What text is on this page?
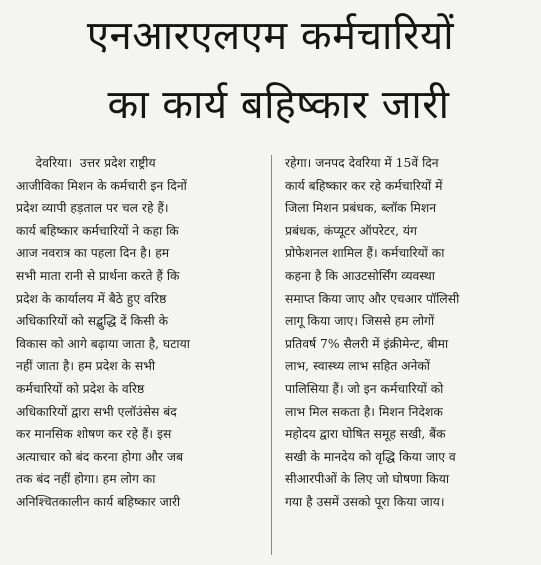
एनआरएलएम कर्मचारियों
का कार्य बहिष्कार जारी
देवरिया।  उत्तर प्रदेश राष्ट्रीय
आजीविका मिशन के कर्मचारी इन दिनों
प्रदेश व्यापी हड़ताल पर चल रहे हैं।
कार्य बहिष्कार कर्मचारियों ने कहा कि
आज नवरात्र का पहला दिन है। हम
सभी माता रानी से प्रार्थना करते हैं कि
प्रदेश के कार्यालय में बैठे हुए वरिष्ठ
अधिकारियों को सद्बुद्धि दें किसी के
विकास को आगे बढ़ाया जाता है, घटाया
नहीं जाता है। हम प्रदेश के सभी
कर्मचारियों को प्रदेश के वरिष्ठ
अधिकारियों द्वारा सभी एलॉउंसेस बंद
कर मानसिक शोषण कर रहे हैं। इस
अत्याचार को बंद करना होगा और जब
तक बंद नहीं होगा। हम लोग का
अनिश्चितकालीन कार्य बहिष्कार जारी
रहेगा। जनपद देवरिया में 15वें दिन
कार्य बहिष्कार कर रहे कर्मचारियों में
जिला मिशन प्रबंधक, ब्लॉक मिशन
प्रबंधक, कंप्यूटर ऑपरेटर, यंग
प्रोफेशनल शामिल हैं। कर्मचारियों का
कहना है कि आउटसोर्सिंग व्यवस्था
समाप्त किया जाए और एचआर पॉलिसी
लागू किया जाए। जिससे हम लोगों
प्रतिवर्ष 7% सैलरी में इंक्रीमेन्ट, बीमा
लाभ, स्वास्थ्य लाभ सहित अनेकों
पालिसिया हैं। जो इन कर्मचारियों को
लाभ मिल सकता है। मिशन निदेशक
महोदय द्वारा घोषित समूह सखी, बैंक
सखी के मानदेय को वृद्धि किया जाए व
सीआरपीओं के लिए जो घोषणा किया
गया है उसमें उसको पूरा किया जाय।
